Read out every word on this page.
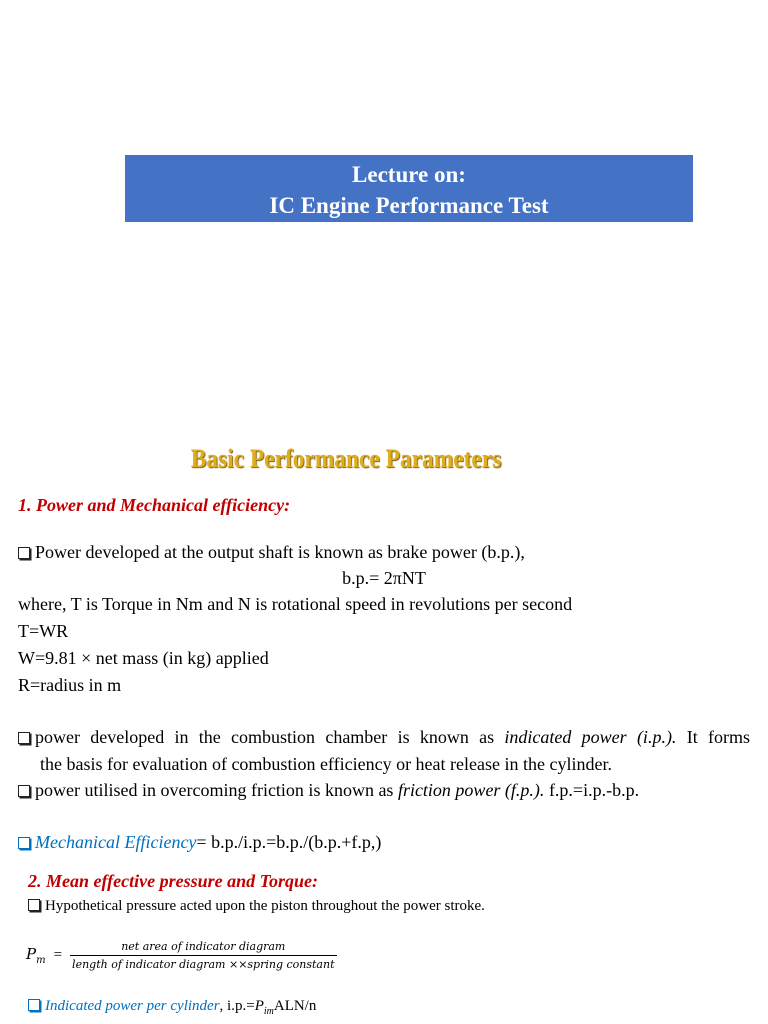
Lecture on:
IC Engine Performance Test
Basic Performance Parameters
1. Power and Mechanical efficiency:
Power developed at the output shaft is known as brake power (b.p.),
b.p.= 2πNT
where, T is Torque in Nm and N is rotational speed in revolutions per second
T=WR
W=9.81 × net mass (in kg) applied
R=radius in m
power developed in the combustion chamber is known as indicated power (i.p.). It forms
the basis for evaluation of combustion efficiency or heat release in the cylinder.
power utilised in overcoming friction is known as friction power (f.p.). f.p.=i.p.-b.p.
Mechanical Efficiency= b.p./i.p.=b.p./(b.p.+f.p,)
2. Mean effective pressure and Torque:
Hypothetical pressure acted upon the piston throughout the power stroke.
$P_m = \frac{\text{net area of indicator diagram}}{\text{length of indicator diagram ××spring constant}}$
Indicated power per cylinder, $i.p.=P_{im}ALN/n$
